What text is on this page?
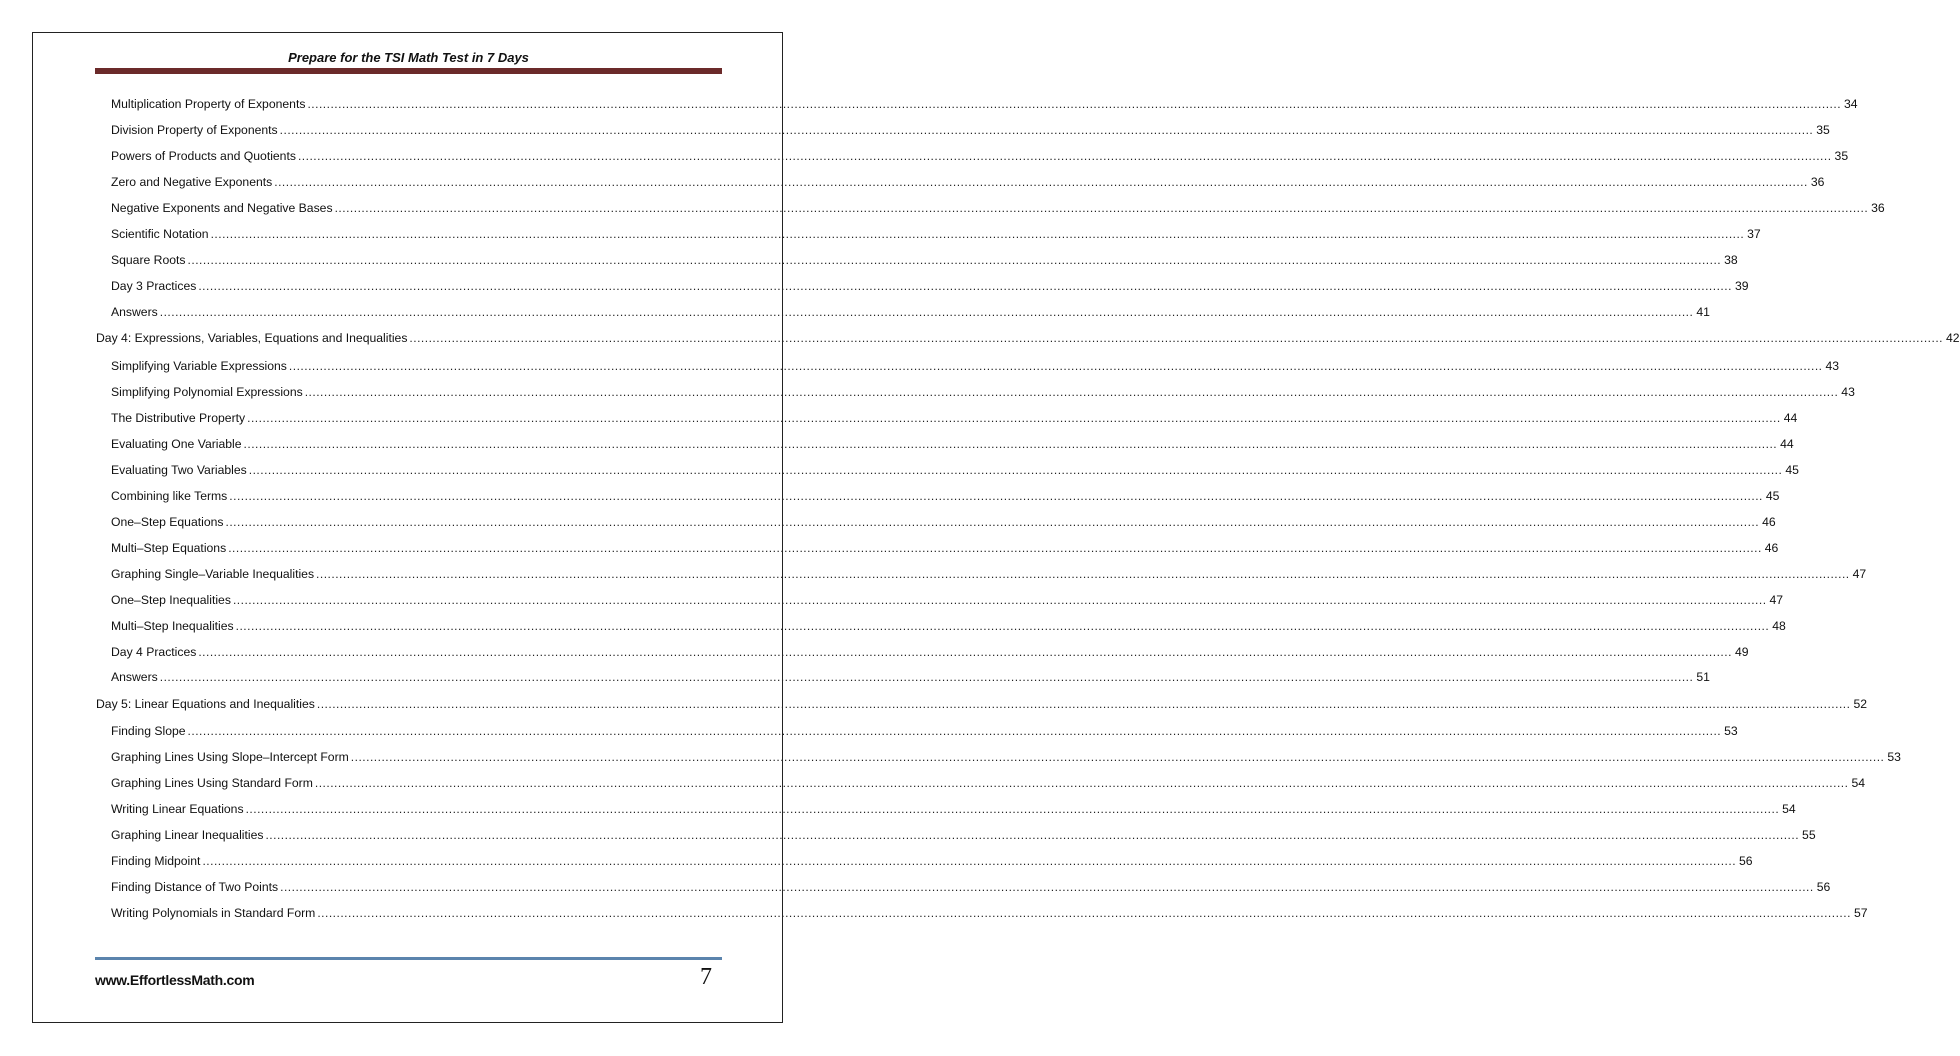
Prepare for the TSI Math Test in 7 Days
Multiplication Property of Exponents ................................................................................................................................................................................................................................................................................................................................................................................................................ 34
Division Property of Exponents ................................................................................................................................................................................................................................................................................................................................................................................................................ 35
Powers of Products and Quotients ................................................................................................................................................................................................................................................................................................................................................................................................................ 35
Zero and Negative Exponents ................................................................................................................................................................................................................................................................................................................................................................................................................ 36
Negative Exponents and Negative Bases ................................................................................................................................................................................................................................................................................................................................................................................................................ 36
Scientific Notation ................................................................................................................................................................................................................................................................................................................................................................................................................ 37
Square Roots ................................................................................................................................................................................................................................................................................................................................................................................................................ 38
Day 3 Practices ................................................................................................................................................................................................................................................................................................................................................................................................................ 39
Answers ................................................................................................................................................................................................................................................................................................................................................................................................................ 41
Day 4: Expressions, Variables, Equations and Inequalities ................................................................................................................................................................................................................................................................................................................................................................................................................ 42
Simplifying Variable Expressions ................................................................................................................................................................................................................................................................................................................................................................................................................ 43
Simplifying Polynomial Expressions ................................................................................................................................................................................................................................................................................................................................................................................................................ 43
The Distributive Property ................................................................................................................................................................................................................................................................................................................................................................................................................ 44
Evaluating One Variable ................................................................................................................................................................................................................................................................................................................................................................................................................ 44
Evaluating Two Variables ................................................................................................................................................................................................................................................................................................................................................................................................................ 45
Combining like Terms ................................................................................................................................................................................................................................................................................................................................................................................................................ 45
One–Step Equations ................................................................................................................................................................................................................................................................................................................................................................................................................ 46
Multi–Step Equations ................................................................................................................................................................................................................................................................................................................................................................................................................ 46
Graphing Single–Variable Inequalities ................................................................................................................................................................................................................................................................................................................................................................................................................ 47
One–Step Inequalities ................................................................................................................................................................................................................................................................................................................................................................................................................ 47
Multi–Step Inequalities ................................................................................................................................................................................................................................................................................................................................................................................................................ 48
Day 4 Practices ................................................................................................................................................................................................................................................................................................................................................................................................................ 49
Answers ................................................................................................................................................................................................................................................................................................................................................................................................................ 51
Day 5: Linear Equations and Inequalities ................................................................................................................................................................................................................................................................................................................................................................................................................ 52
Finding Slope ................................................................................................................................................................................................................................................................................................................................................................................................................ 53
Graphing Lines Using Slope–Intercept Form ................................................................................................................................................................................................................................................................................................................................................................................................................ 53
Graphing Lines Using Standard Form ................................................................................................................................................................................................................................................................................................................................................................................................................ 54
Writing Linear Equations ................................................................................................................................................................................................................................................................................................................................................................................................................ 54
Graphing Linear Inequalities ................................................................................................................................................................................................................................................................................................................................................................................................................ 55
Finding Midpoint ................................................................................................................................................................................................................................................................................................................................................................................................................ 56
Finding Distance of Two Points ................................................................................................................................................................................................................................................................................................................................................................................................................ 56
Writing Polynomials in Standard Form ................................................................................................................................................................................................................................................................................................................................................................................................................ 57
www.EffortlessMath.com	7
